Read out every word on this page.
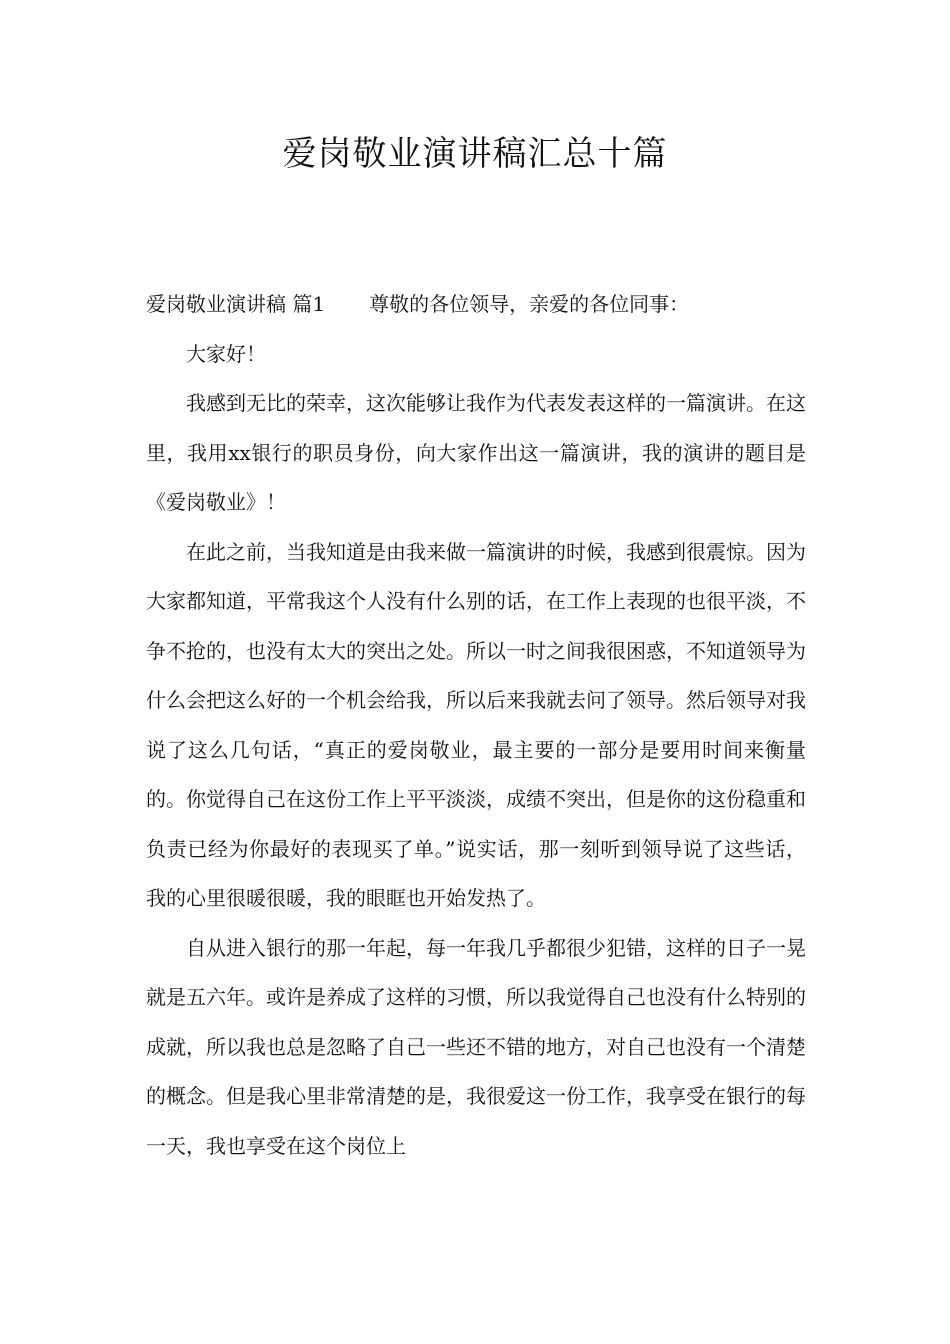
爱岗敬业演讲稿汇总十篇

爱岗敬业演讲稿 篇1 尊敬的各位领导，亲爱的各位同事：

大家好！

我感到无比的荣幸，这次能够让我作为代表发表这样的一篇演讲。在这里，我用xx银行的职员身份，向大家作出这一篇演讲，我的演讲的题目是《爱岗敬业》！

在此之前，当我知道是由我来做一篇演讲的时候，我感到很震惊。因为大家都知道，平常我这个人没有什么别的话，在工作上表现的也很平淡，不争不抢的，也没有太大的突出之处。所以一时之间我很困惑，不知道领导为什么会把这么好的一个机会给我，所以后来我就去问了领导。然后领导对我说了这么几句话，“真正的爱岗敬业，最主要的一部分是要用时间来衡量的。你觉得自己在这份工作上平平淡淡，成绩不突出，但是你的这份稳重和负责已经为你最好的表现买了单。”说实话，那一刻听到领导说了这些话，我的心里很暖很暖，我的眼眶也开始发热了。

自从进入银行的那一年起，每一年我几乎都很少犯错，这样的日子一晃就是五六年。或许是养成了这样的习惯，所以我觉得自己也没有什么特别的成就，所以我也总是忽略了自己一些还不错的地方，对自己也没有一个清楚的概念。但是我心里非常清楚的是，我很爱这一份工作，我享受在银行的每一天，我也享受在这个岗位上
